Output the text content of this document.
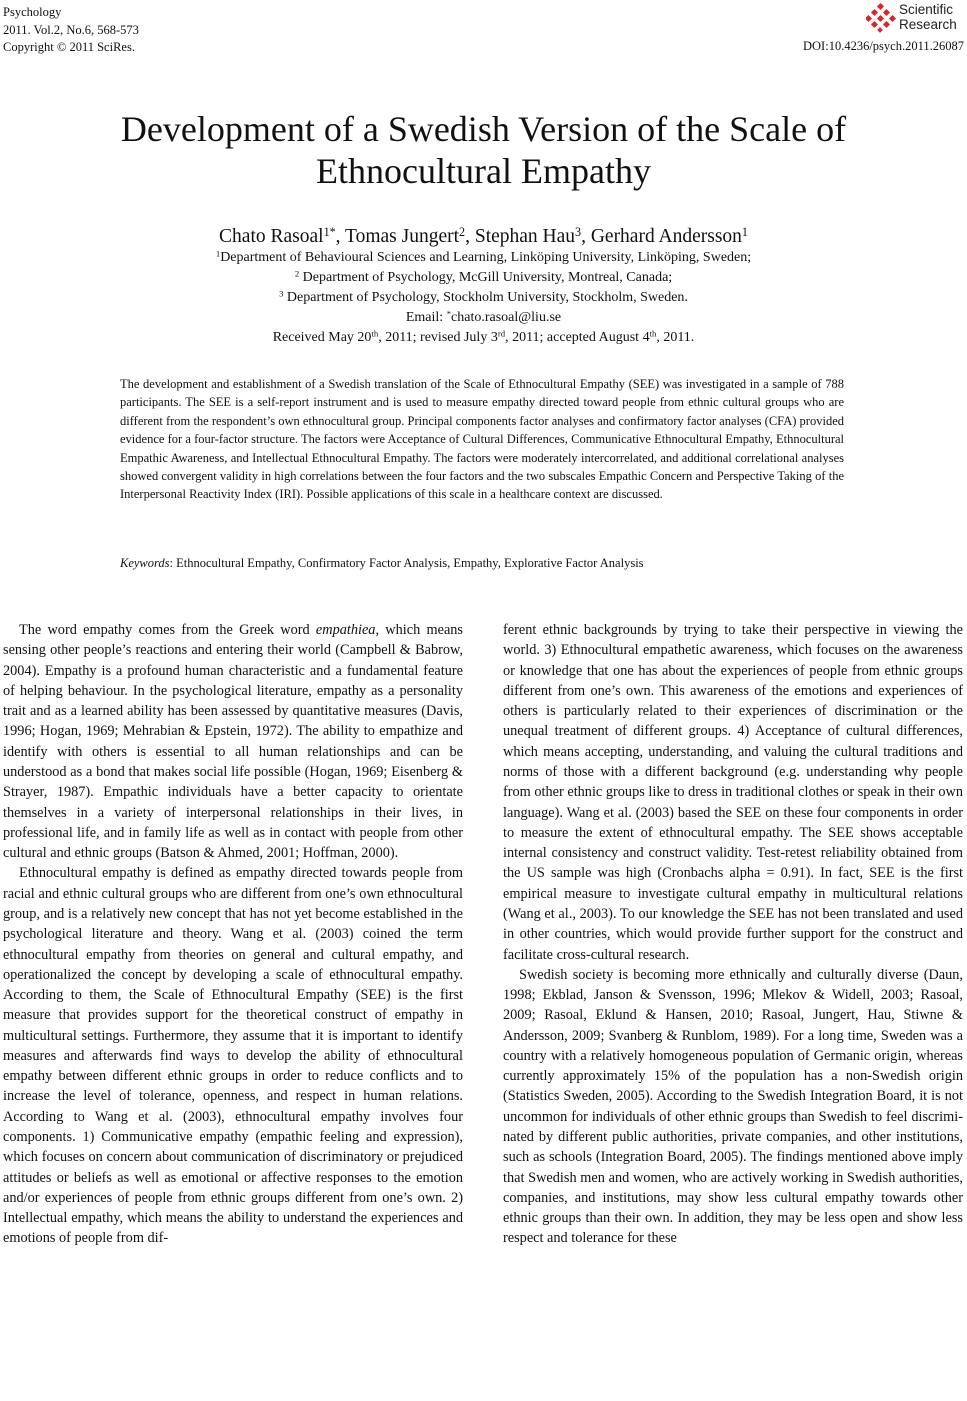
Psychology
2011. Vol.2, No.6, 568-573
Copyright © 2011 SciRes.
Scientific
Research
DOI:10.4236/psych.2011.26087
Development of a Swedish Version of the Scale of Ethnocultural Empathy
Chato Rasoal$^{1*}$, Tomas Jungert$^2$, Stephan Hau$^3$, Gerhard Andersson$^1$
$^1$Department of Behavioural Sciences and Learning, Linköping University, Linköping, Sweden;
$^2$ Department of Psychology, McGill University, Montreal, Canada;
$^3$ Department of Psychology, Stockholm University, Stockholm, Sweden.
Email: *chato.rasoal@liu.se
Received May 20th, 2011; revised July 3rd, 2011; accepted August 4th, 2011.
The development and establishment of a Swedish translation of the Scale of Ethnocultural Empathy (SEE) was investigated in a sample of 788 participants. The SEE is a self-report instrument and is used to measure empathy directed toward people from ethnic cultural groups who are different from the respondent’s own ethnocultural group. Principal components factor analyses and confirmatory factor analyses (CFA) provided evidence for a four-factor structure. The factors were Acceptance of Cultural Differences, Communicative Ethnocultural Empathy, Ethnocultural Empathic Awareness, and Intellectual Ethnocultural Empathy. The factors were moderately intercorrelated, and additional correlational analyses showed convergent validity in high correlations between the four factors and the two subscales Empathic Concern and Perspective Taking of the Interpersonal Reactivity Index (IRI). Possible applications of this scale in a healthcare context are discussed.
Keywords: Ethnocultural Empathy, Confirmatory Factor Analysis, Empathy, Explorative Factor Analysis

The word empathy comes from the Greek word empathiea, which means sensing other people’s reactions and entering their world (Campbell & Babrow, 2004). Empathy is a profound human characteristic and a fundamental feature of helping behaviour. In the psychological literature, empathy as a personality trait and as a learned ability has been assessed by quantitative measures (Davis, 1996; Hogan, 1969; Mehrabian & Epstein, 1972). The ability to empathize and identify with others is essential to all human relationships and can be understood as a bond that makes social life possible (Hogan, 1969; Eisenberg & Strayer, 1987). Empathic individuals have a better capacity to orientate themselves in a variety of interpersonal relationships in their lives, in professional life, and in family life as well as in contact with people from other cultural and ethnic groups (Batson & Ahmed, 2001; Hoffman, 2000).

Ethnocultural empathy is defined as empathy directed towards people from racial and ethnic cultural groups who are different from one’s own ethnocultural group, and is a relatively new concept that has not yet become established in the psychological literature and theory. Wang et al. (2003) coined the term ethnocultural empathy from theories on general and cultural empathy, and operationalized the concept by developing a scale of ethnocultural empathy. According to them, the Scale of Ethnocultural Empathy (SEE) is the first measure that provides support for the theoretical construct of empathy in multicultural settings. Furthermore, they assume that it is important to identify measures and afterwards find ways to develop the ability of ethnocultural empathy between different ethnic groups in order to reduce conflicts and to increase the level of tolerance, openness, and respect in human relations. According to Wang et al. (2003), ethnocultural empathy involves four components. 1) Communicative empathy (empathic feeling and expression), which focuses on concern about communication of discriminatory or prejudiced attitudes or beliefs as well as emotional or affective responses to the emotion and/or experiences of people from ethnic groups different from one’s own. 2) Intellectual empathy, which means the ability to understand the experiences and emotions of people from dif-

ferent ethnic backgrounds by trying to take their perspective in viewing the world. 3) Ethnocultural empathetic awareness, which focuses on the awareness or knowledge that one has about the experiences of people from ethnic groups different from one’s own. This awareness of the emotions and experiences of others is particularly related to their experiences of discrimination or the unequal treatment of different groups. 4) Acceptance of cultural differences, which means accepting, understanding, and valuing the cultural traditions and norms of those with a different background (e.g. understanding why people from other ethnic groups like to dress in traditional clothes or speak in their own language). Wang et al. (2003) based the SEE on these four components in order to measure the extent of ethnocultural empathy. The SEE shows acceptable internal consistency and construct validity. Test-retest reliability obtained from the US sample was high (Cronbachs alpha = 0.91). In fact, SEE is the first empirical measure to investigate cultural empathy in multicultural relations (Wang et al., 2003). To our knowledge the SEE has not been translated and used in other countries, which would provide further support for the construct and facilitate cross-cultural research.

Swedish society is becoming more ethnically and culturally diverse (Daun, 1998; Ekblad, Janson & Svensson, 1996; Mlekov & Widell, 2003; Rasoal, 2009; Rasoal, Eklund & Hansen, 2010; Rasoal, Jungert, Hau, Stiwne & Andersson, 2009; Svanberg & Runblom, 1989). For a long time, Sweden was a country with a relatively homogeneous population of Germanic origin, whereas currently approximately 15% of the population has a non-Swedish origin (Statistics Sweden, 2005). According to the Swedish Integration Board, it is not uncommon for individuals of other ethnic groups than Swedish to feel discriminated by different public authorities, private companies, and other institutions, such as schools (Integration Board, 2005). The findings mentioned above imply that Swedish men and women, who are actively working in Swedish authorities, companies, and institutions, may show less cultural empathy towards other ethnic groups than their own. In addition, they may be less open and show less respect and tolerance for these
